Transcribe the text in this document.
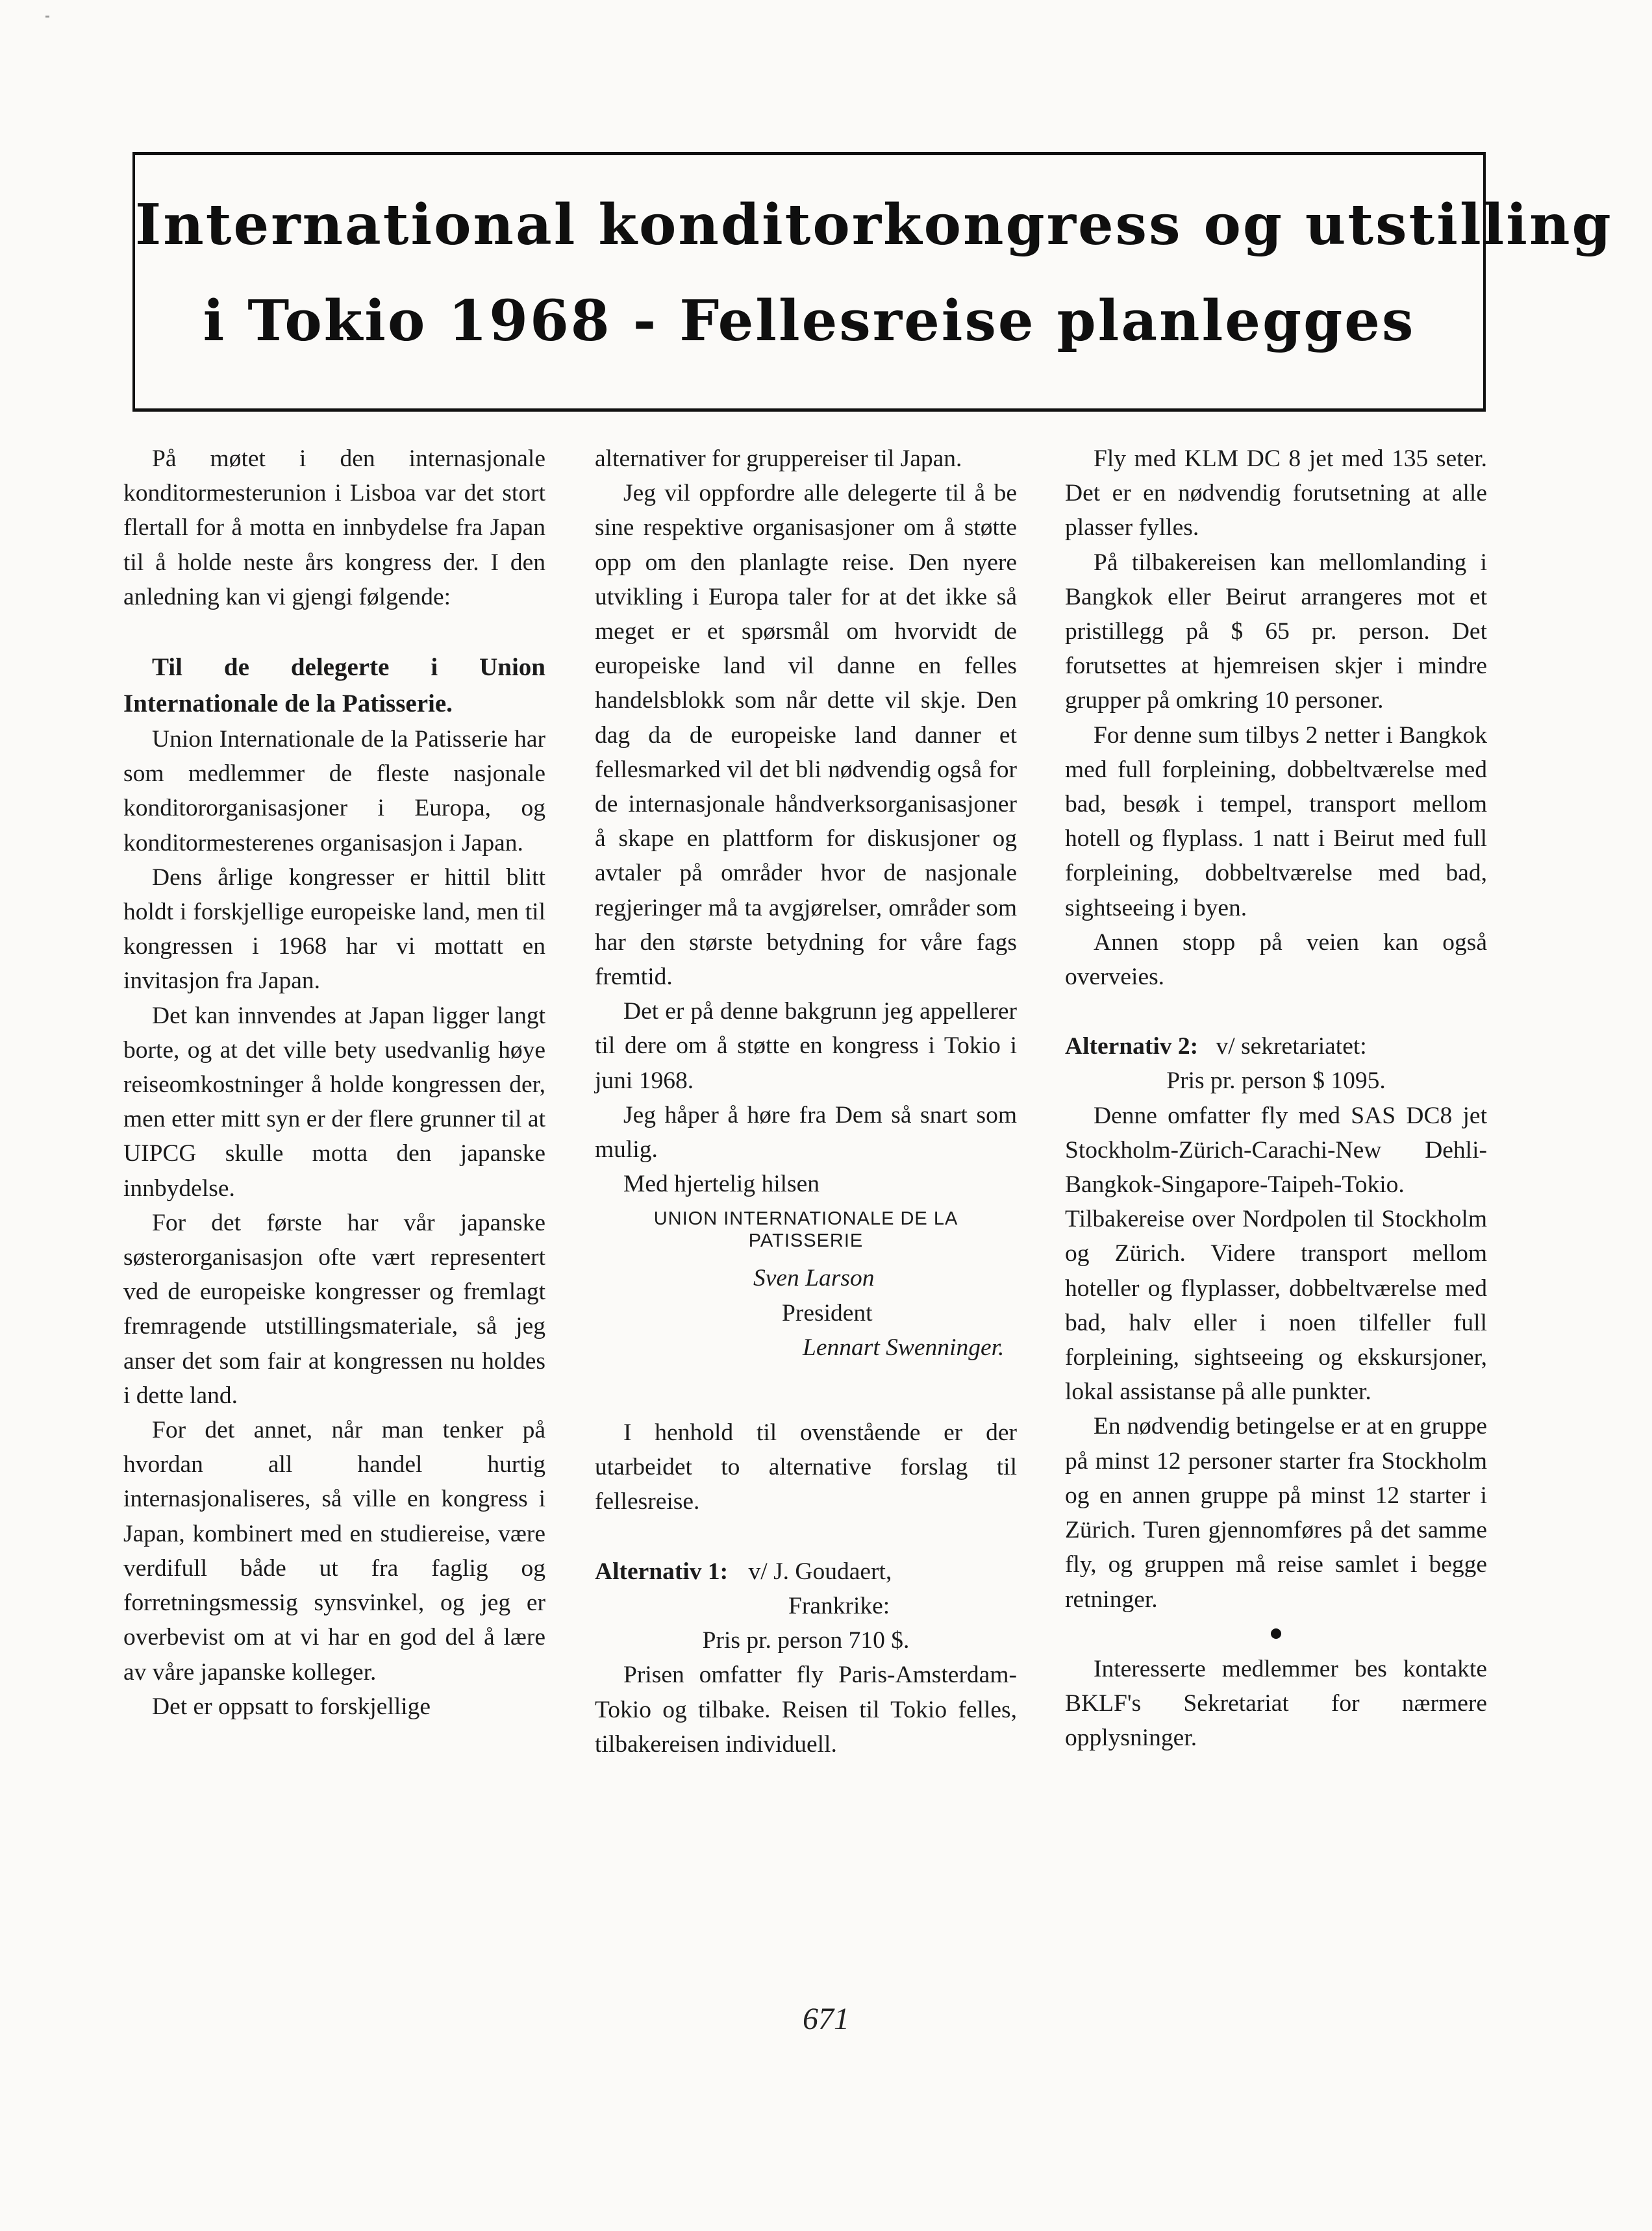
International konditorkongress og utstilling
i Tokio 1968 - Fellesreise planlegges

På møtet i den internasjonale konditormesterunion i Lisboa var det stort flertall for å motta en innbydelse fra Japan til å holde neste års kongress der. I den anledning kan vi gjengi følgende:

Til de delegerte i Union Internationale de la Patisserie.

Union Internationale de la Patisserie har som medlemmer de fleste nasjonale konditororganisasjoner i Europa, og konditormesterenes organisasjon i Japan.

Dens årlige kongresser er hittil blitt holdt i forskjellige europeiske land, men til kongressen i 1968 har vi mottatt en invitasjon fra Japan.

Det kan innvendes at Japan ligger langt borte, og at det ville bety usedvanlig høye reiseomkostninger å holde kongressen der, men etter mitt syn er der flere grunner til at UIPCG skulle motta den japanske innbydelse.

For det første har vår japanske søsterorganisasjon ofte vært representert ved de europeiske kongresser og fremlagt fremragende utstillingsmateriale, så jeg anser det som fair at kongressen nu holdes i dette land.

For det annet, når man tenker på hvordan all handel hurtig internasjonaliseres, så ville en kongress i Japan, kombinert med en studiereise, være verdifull både ut fra faglig og forretningsmessig synsvinkel, og jeg er overbevist om at vi har en god del å lære av våre japanske kolleger.

Det er oppsatt to forskjellige

alternativer for gruppereiser til Japan.

Jeg vil oppfordre alle delegerte til å be sine respektive organisasjoner om å støtte opp om den planlagte reise. Den nyere utvikling i Europa taler for at det ikke så meget er et spørsmål om hvorvidt de europeiske land vil danne en felles handelsblokk som når dette vil skje. Den dag da de europeiske land danner et fellesmarked vil det bli nødvendig også for de internasjonale håndverksorganisasjoner å skape en plattform for diskusjoner og avtaler på områder hvor de nasjonale regjeringer må ta avgjørelser, områder som har den største betydning for våre fags fremtid.

Det er på denne bakgrunn jeg appellerer til dere om å støtte en kongress i Tokio i juni 1968.

Jeg håper å høre fra Dem så snart som mulig.

Med hjertelig hilsen

UNION INTERNATIONALE DE LA PATISSERIE

Sven Larson

President

Lennart Swenninger.

I henhold til ovenstående er der utarbeidet to alternative forslag til fellesreise.

Alternativ 1: v/ J. Goudaert,

Frankrike:

Pris pr. person 710 $.

Prisen omfatter fly Paris-Amsterdam-Tokio og tilbake. Reisen til Tokio felles, tilbakereisen individuell.

Fly med KLM DC 8 jet med 135 seter. Det er en nødvendig forutsetning at alle plasser fylles.

På tilbakereisen kan mellomlanding i Bangkok eller Beirut arrangeres mot et pristillegg på $ 65 pr. person. Det forutsettes at hjemreisen skjer i mindre grupper på omkring 10 personer.

For denne sum tilbys 2 netter i Bangkok med full forpleining, dobbeltværelse med bad, besøk i tempel, transport mellom hotell og flyplass. 1 natt i Beirut med full forpleining, dobbeltværelse med bad, sightseeing i byen.

Annen stopp på veien kan også overveies.

Alternativ 2: v/ sekretariatet:

Pris pr. person $ 1095.

Denne omfatter fly med SAS DC8 jet Stockholm-Zürich-Carachi-New Dehli-Bangkok-Singapore-Taipeh-Tokio. Tilbakereise over Nordpolen til Stockholm og Zürich. Videre transport mellom hoteller og flyplasser, dobbeltværelse med bad, halv eller i noen tilfeller full forpleining, sightseeing og ekskursjoner, lokal assistanse på alle punkter.

En nødvendig betingelse er at en gruppe på minst 12 personer starter fra Stockholm og en annen gruppe på minst 12 starter i Zürich. Turen gjennomføres på det samme fly, og gruppen må reise samlet i begge retninger.

Interesserte medlemmer bes kontakte BKLF's Sekretariat for nærmere opplysninger.

671
